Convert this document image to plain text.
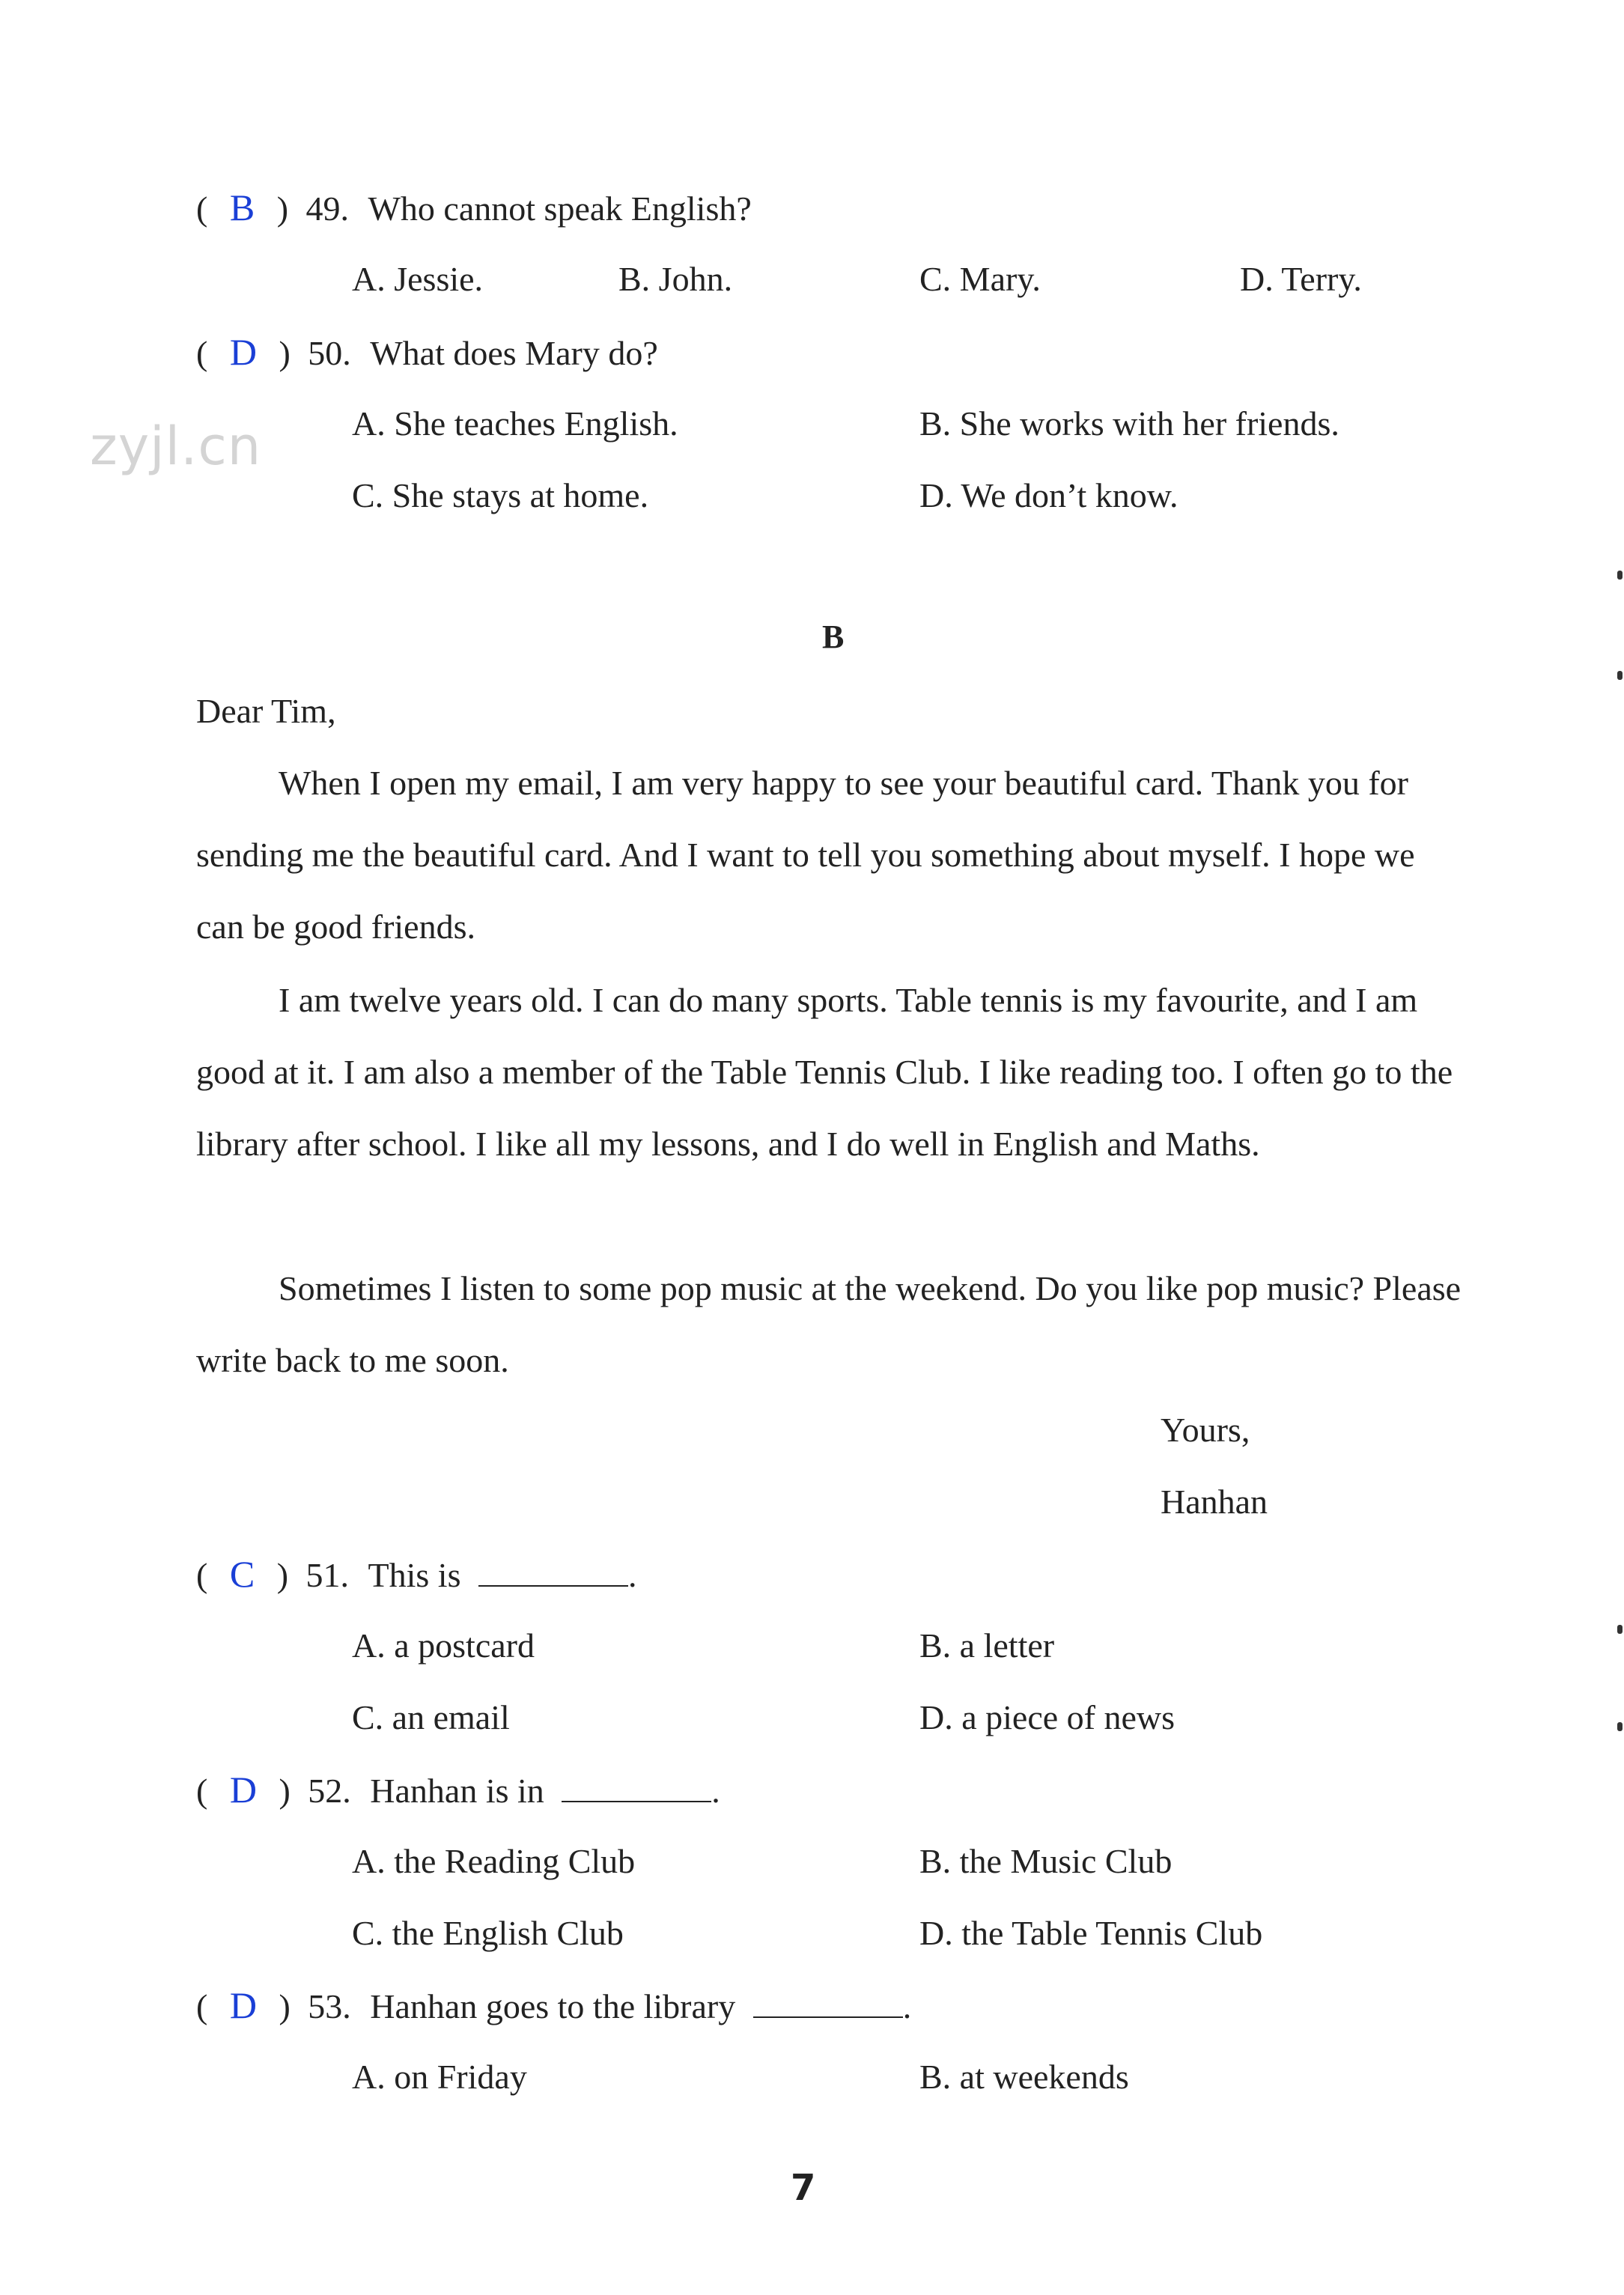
( B ) 49. Who cannot speak English?
A. Jessie.	B. John.	C. Mary.	D. Terry.
( D ) 50. What does Mary do?
A. She teaches English.	B. She works with her friends.
C. She stays at home.	D. We don’t know.
zyjl.cn
B
Dear Tim,
When I open my email, I am very happy to see your beautiful card. Thank you for sending me the beautiful card. And I want to tell you something about myself. I hope we can be good friends.
I am twelve years old. I can do many sports. Table tennis is my favourite, and I am good at it. I am also a member of the Table Tennis Club. I like reading too. I often go to the library after school. I like all my lessons, and I do well in English and Maths.
Sometimes I listen to some pop music at the weekend. Do you like pop music? Please write back to me soon.
Yours,
Hanhan
( C ) 51. This is	.
A. a postcard	B. a letter
C. an email	D. a piece of news
( D ) 52. Hanhan is in	.
A. the Reading Club	B. the Music Club
C. the English Club	D. the Table Tennis Club
( D ) 53. Hanhan goes to the library	.
A. on Friday	B. at weekends
7
